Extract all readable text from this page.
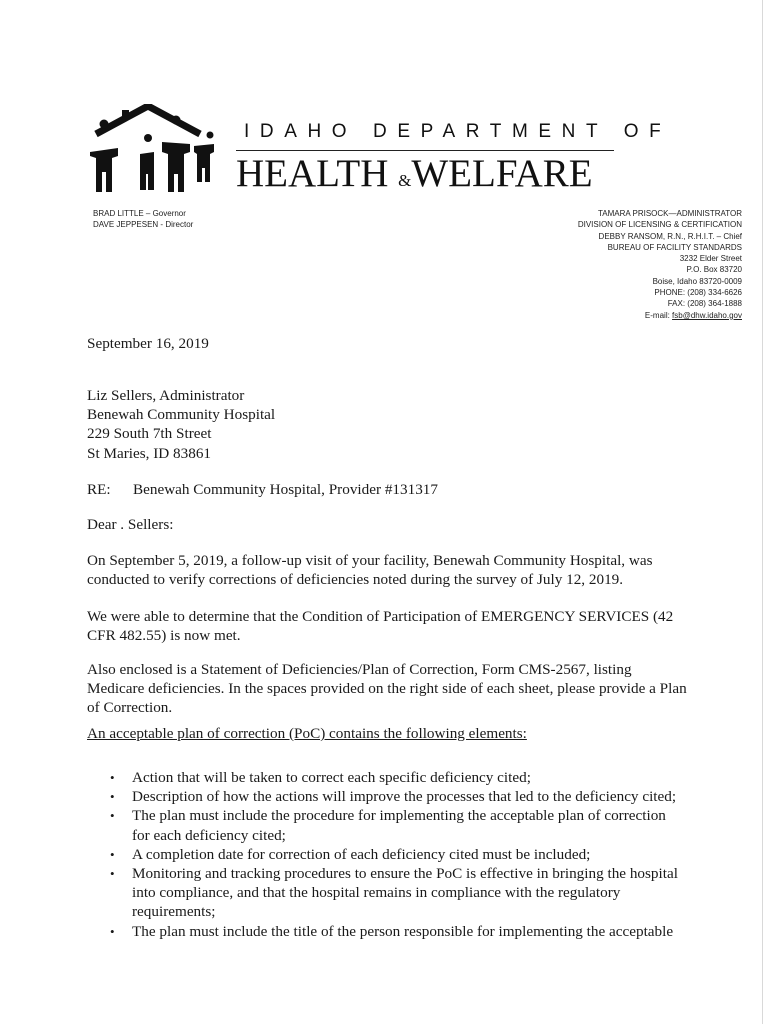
IDAHO DEPARTMENT OF
HEALTH &WELFARE
BRAD LITTLE – Governor
DAVE JEPPESEN - Director
TAMARA PRISOCK—ADMINISTRATOR
DIVISION OF LICENSING & CERTIFICATION
DEBBY RANSOM, R.N., R.H.I.T. – Chief
BUREAU OF FACILITY STANDARDS
3232 Elder Street
P.O. Box 83720
Boise, Idaho 83720-0009
PHONE: (208) 334-6626
FAX: (208) 364-1888
E-mail: fsb@dhw.idaho.gov
September 16, 2019
Liz Sellers, Administrator
Benewah Community Hospital
229 South 7th Street
St Maries, ID 83861
RE: Benewah Community Hospital, Provider #131317
Dear . Sellers:
On September 5, 2019, a follow-up visit of your facility, Benewah Community Hospital, was conducted to verify corrections of deficiencies noted during the survey of July 12, 2019.
We were able to determine that the Condition of Participation of EMERGENCY SERVICES (42 CFR 482.55) is now met.
Also enclosed is a Statement of Deficiencies/Plan of Correction, Form CMS-2567, listing Medicare deficiencies. In the spaces provided on the right side of each sheet, please provide a Plan of Correction.
An acceptable plan of correction (PoC) contains the following elements:
• Action that will be taken to correct each specific deficiency cited;
• Description of how the actions will improve the processes that led to the deficiency cited;
• The plan must include the procedure for implementing the acceptable plan of correction for each deficiency cited;
• A completion date for correction of each deficiency cited must be included;
• Monitoring and tracking procedures to ensure the PoC is effective in bringing the hospital into compliance, and that the hospital remains in compliance with the regulatory requirements;
• The plan must include the title of the person responsible for implementing the acceptable
